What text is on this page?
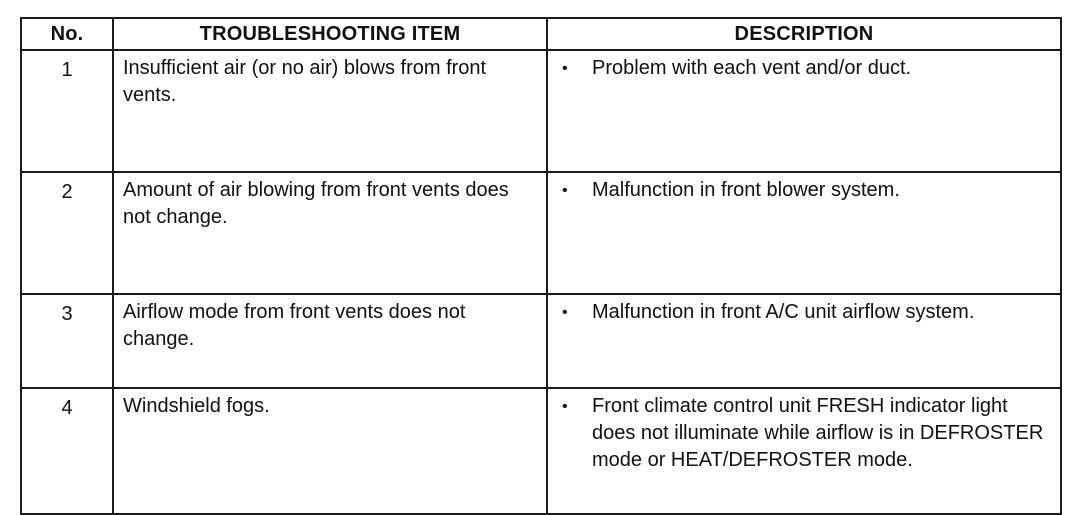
No.	TROUBLESHOOTING ITEM	DESCRIPTION
1	Insufficient air (or no air) blows from front vents.	• Problem with each vent and/or duct.

2	Amount of air blowing from front vents does not change.	• Malfunction in front blower system.

3	Airflow mode from front vents does not change.	• Malfunction in front A/C unit airflow system.

4	Windshield fogs.	• Front climate control unit FRESH indicator light does not illuminate while airflow is in DEFROSTER mode or HEAT/DEFROSTER mode.
